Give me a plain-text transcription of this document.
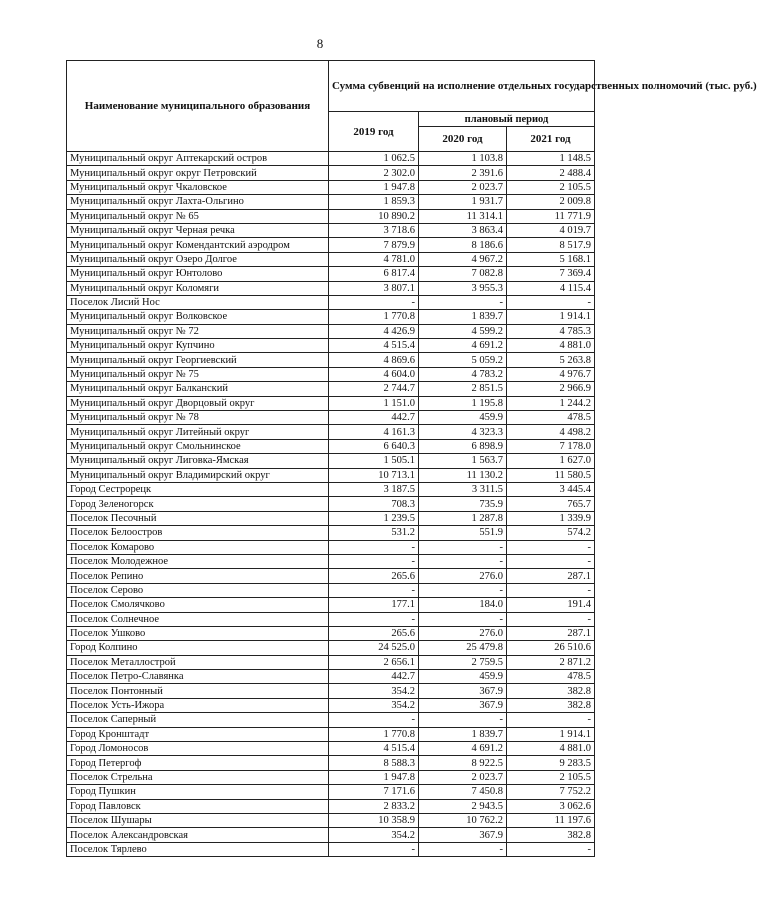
8
Наименование муниципального образования	Сумма субвенций на исполнение отдельных государственных полномочий (тыс. руб.)		
	2019 год	плановый период	
		2020 год	2021 год
Муниципальный округ Аптекарский остров	1 062.5	1 103.8	1 148.5
Муниципальный округ округ Петровский	2 302.0	2 391.6	2 488.4
Муниципальный округ Чкаловское	1 947.8	2 023.7	2 105.5
Муниципальный округ Лахта-Ольгино	1 859.3	1 931.7	2 009.8
Муниципальный округ № 65	10 890.2	11 314.1	11 771.9
Муниципальный округ Черная речка	3 718.6	3 863.4	4 019.7
Муниципальный округ Комендантский аэродром	7 879.9	8 186.6	8 517.9
Муниципальный округ Озеро Долгое	4 781.0	4 967.2	5 168.1
Муниципальный округ Юнтолово	6 817.4	7 082.8	7 369.4
Муниципальный округ Коломяги	3 807.1	3 955.3	4 115.4
Поселок Лисий Нос	-	-	-
Муниципальный округ Волковское	1 770.8	1 839.7	1 914.1
Муниципальный округ № 72	4 426.9	4 599.2	4 785.3
Муниципальный округ Купчино	4 515.4	4 691.2	4 881.0
Муниципальный округ Георгиевский	4 869.6	5 059.2	5 263.8
Муниципальный округ № 75	4 604.0	4 783.2	4 976.7
Муниципальный округ Балканский	2 744.7	2 851.5	2 966.9
Муниципальный округ Дворцовый округ	1 151.0	1 195.8	1 244.2
Муниципальный округ № 78	442.7	459.9	478.5
Муниципальный округ Литейный округ	4 161.3	4 323.3	4 498.2
Муниципальный округ Смольнинское	6 640.3	6 898.9	7 178.0
Муниципальный округ Лиговка-Ямская	1 505.1	1 563.7	1 627.0
Муниципальный округ Владимирский округ	10 713.1	11 130.2	11 580.5
Город Сестрорецк	3 187.5	3 311.5	3 445.4
Город Зеленогорск	708.3	735.9	765.7
Поселок Песочный	1 239.5	1 287.8	1 339.9
Поселок Белоостров	531.2	551.9	574.2
Поселок Комарово	-	-	-
Поселок Молодежное	-	-	-
Поселок Репино	265.6	276.0	287.1
Поселок Серово	-	-	-
Поселок Смолячково	177.1	184.0	191.4
Поселок Солнечное	-	-	-
Поселок Ушково	265.6	276.0	287.1
Город Колпино	24 525.0	25 479.8	26 510.6
Поселок Металлострой	2 656.1	2 759.5	2 871.2
Поселок Петро-Славянка	442.7	459.9	478.5
Поселок Понтонный	354.2	367.9	382.8
Поселок Усть-Ижора	354.2	367.9	382.8
Поселок Саперный	-	-	-
Город Кронштадт	1 770.8	1 839.7	1 914.1
Город Ломоносов	4 515.4	4 691.2	4 881.0
Город Петергоф	8 588.3	8 922.5	9 283.5
Поселок Стрельна	1 947.8	2 023.7	2 105.5
Город Пушкин	7 171.6	7 450.8	7 752.2
Город Павловск	2 833.2	2 943.5	3 062.6
Поселок Шушары	10 358.9	10 762.2	11 197.6
Поселок Александровская	354.2	367.9	382.8
Поселок Тярлево	-	-	-
